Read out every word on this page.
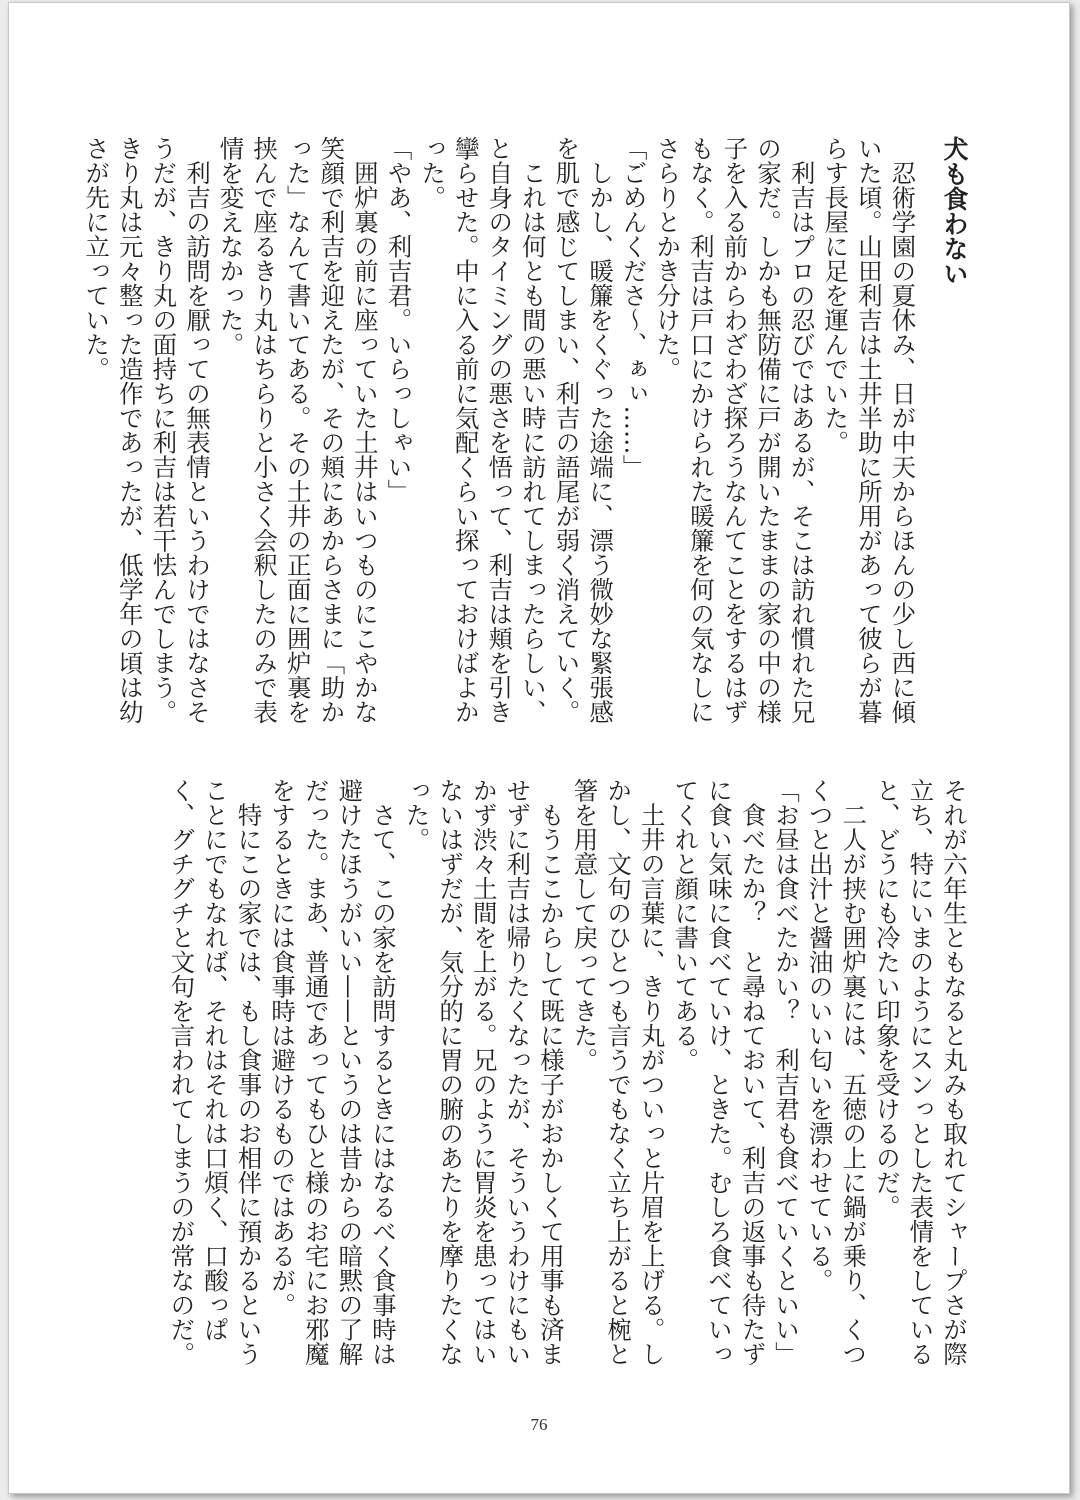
犬も食わない

　忍術学園の夏休み、日が中天からほんの少し西に傾いた頃。山田利吉は土井半助に所用があって彼らが暮らす長屋に足を運んでいた。

　利吉はプロの忍びではあるが、そこは訪れ慣れた兄の家だ。しかも無防備に戸が開いたままの家の中の様子を入る前からわざわざ探ろうなんてことをするはずもなく。利吉は戸口にかけられた暖簾を何の気なしにさらりとかき分けた。

「ごめんくださ〜、ぁぃ……」

　しかし、暖簾をくぐった途端に、漂う微妙な緊張感を肌で感じてしまい、利吉の語尾が弱く消えていく。

　これは何とも間の悪い時に訪れてしまったらしい、と自身のタイミングの悪さを悟って、利吉は頬を引き攣らせた。中に入る前に気配くらい探っておけばよかった。

「やあ、利吉君。いらっしゃい」

　囲炉裏の前に座っていた土井はいつものにこやかな笑顔で利吉を迎えたが、その頬にあからさまに「助かった」なんて書いてある。その土井の正面に囲炉裏を挟んで座るきり丸はちらりと小さく会釈したのみで表情を変えなかった。

　利吉の訪問を厭っての無表情というわけではなさそうだが、きり丸の面持ちに利吉は若干怯んでしまう。きり丸は元々整った造作であったが、低学年の頃は幼さが先に立っていた。

それが六年生ともなると丸みも取れてシャープさが際立ち、特にいまのようにスンっとした表情をしていると、どうにも冷たい印象を受けるのだ。

　二人が挟む囲炉裏には、五徳の上に鍋が乗り、くつくつと出汁と醤油のいい匂いを漂わせている。

「お昼は食べたかい？　利吉君も食べていくといい」

　食べたか？　と尋ねておいて、利吉の返事も待たずに食い気味に食べていけ、ときた。むしろ食べていってくれと顔に書いてある。

　土井の言葉に、きり丸がついっと片眉を上げる。しかし、文句のひとつも言うでもなく立ち上がると椀と箸を用意して戻ってきた。

　もうここからして既に様子がおかしくて用事も済ませずに利吉は帰りたくなったが、そういうわけにもいかず渋々土間を上がる。兄のように胃炎を患ってはいないはずだが、気分的に胃の腑のあたりを摩りたくなった。

　さて、この家を訪問するときにはなるべく食事時は避けたほうがいい——というのは昔からの暗黙の了解だった。まあ、普通であってもひと様のお宅にお邪魔をするときには食事時は避けるものではあるが。

　特にこの家では、もし食事のお相伴に預かるということにでもなれば、それはそれは口煩く、口酸っぱく、グチグチと文句を言われてしまうのが常なのだ。

76
